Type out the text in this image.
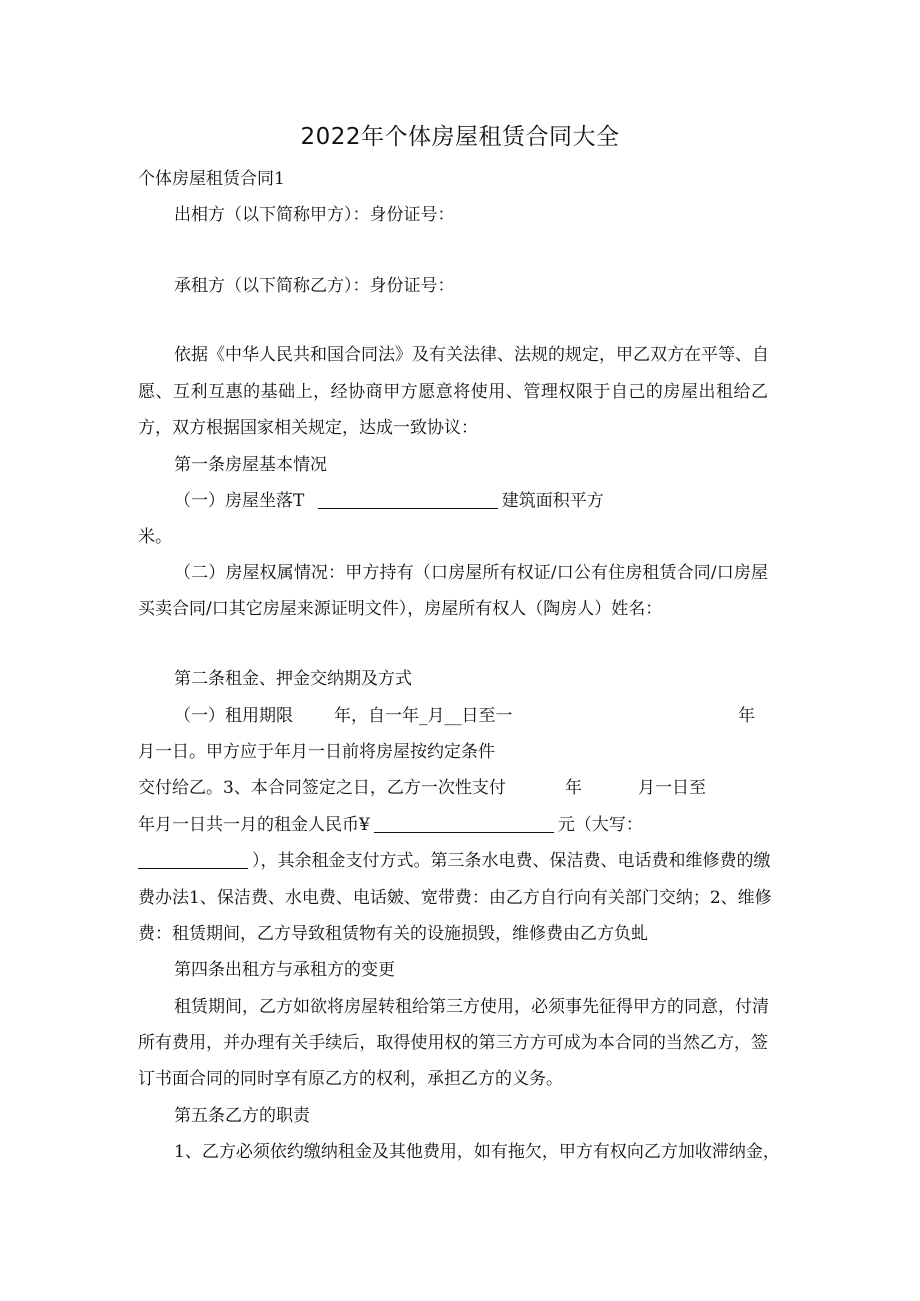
2022年个体房屋租赁合同大全
个体房屋租赁合同1
出相方（以下简称甲方）：身份证号：
承租方（以下简称乙方）：身份证号：
依据《中华人民共和国合同法》及有关法律、法规的规定，甲乙双方在平等、自
愿、互利互惠的基础上，经协商甲方愿意将使用、管理权限于自己的房屋出租给乙
方，双方根据国家相关规定，达成一致协议：
第一条房屋基本情况
（一）房屋坐落T	建筑面积平方
米。
（二）房屋权属情况：甲方持有（口房屋所有权证/口公有住房租赁合同/口房屋
买卖合同/口其它房屋来源证明文件），房屋所有权人（陶房人）姓名：
第二条租金、押金交纳期及方式
（一）租用期限 年，自一年_月__日至一	年
月一日。甲方应于年月一日前将房屋按约定条件
交付给乙。3、本合同签定之日，乙方一次性支付	年	月一日至
年月一日共一月的租金人民币¥	元（大写：
），其余租金支付方式。第三条水电费、保洁费、电话费和维修费的缴
费办法1、保洁费、水电费、电话皴、宽带费：由乙方自行向有关部门交纳；2、维修
费：租赁期间，乙方导致租赁物有关的设施损毁，维修费由乙方负虬
第四条出租方与承租方的变更
租赁期间，乙方如欲将房屋转租给第三方使用，必须事先征得甲方的同意，付清
所有费用，并办理有关手续后，取得使用权的第三方方可成为本合同的当然乙方，签
订书面合同的同时享有原乙方的权利，承担乙方的义务。
第五条乙方的职责
1、乙方必须依约缴纳租金及其他费用，如有拖欠，甲方有权向乙方加收滞纳金，
